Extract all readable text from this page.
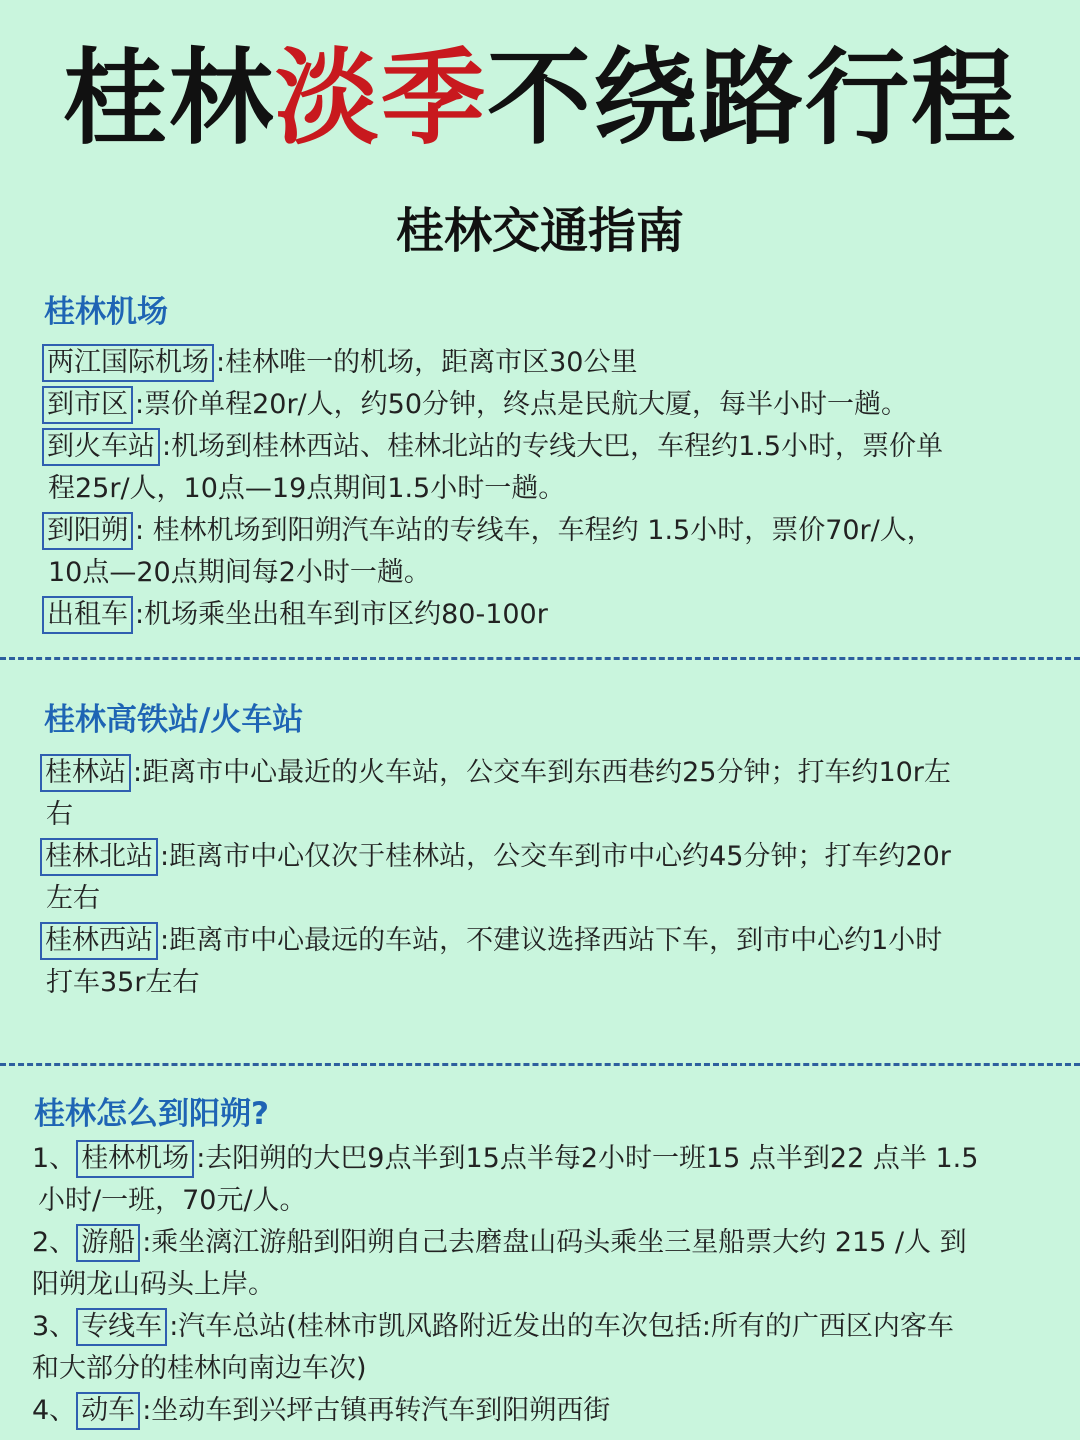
桂林淡季不绕路行程
桂林交通指南
桂林机场
两江国际机场 :桂林唯一的机场，距离市区30公里
到市区 :票价单程20r/人，约50分钟，终点是民航大厦，每半小时一趟。
到火车站 :机场到桂林西站、桂林北站的专线大巴，车程约1.5小时，票价单
程25r/人，10点—19点期间1.5小时一趟。
到阳朔 : 桂林机场到阳朔汽车站的专线车，车程约 1.5小时，票价70r/人，
10点—20点期间每2小时一趟。
出租车 :机场乘坐出租车到市区约80-100r
桂林高铁站/火车站
桂林站 :距离市中心最近的火车站，公交车到东西巷约25分钟；打车约10r左
右
桂林北站 :距离市中心仅次于桂林站，公交车到市中心约45分钟；打车约20r
左右
桂林西站 :距离市中心最远的车站，不建议选择西站下车，到市中心约1小时
打车35r左右
桂林怎么到阳朔?
1、 桂林机场 :去阳朔的大巴9点半到15点半每2小时一班15 点半到22 点半 1.5
小时/一班，70元/人。
2、 游船 :乘坐漓江游船到阳朔自己去磨盘山码头乘坐三星船票大约 215 /人 到
阳朔龙山码头上岸。
3、 专线车 :汽车总站(桂林市凯风路附近发出的车次包括:所有的广西区内客车
和大部分的桂林向南边车次)
4、 动车 :坐动车到兴坪古镇再转汽车到阳朔西街
